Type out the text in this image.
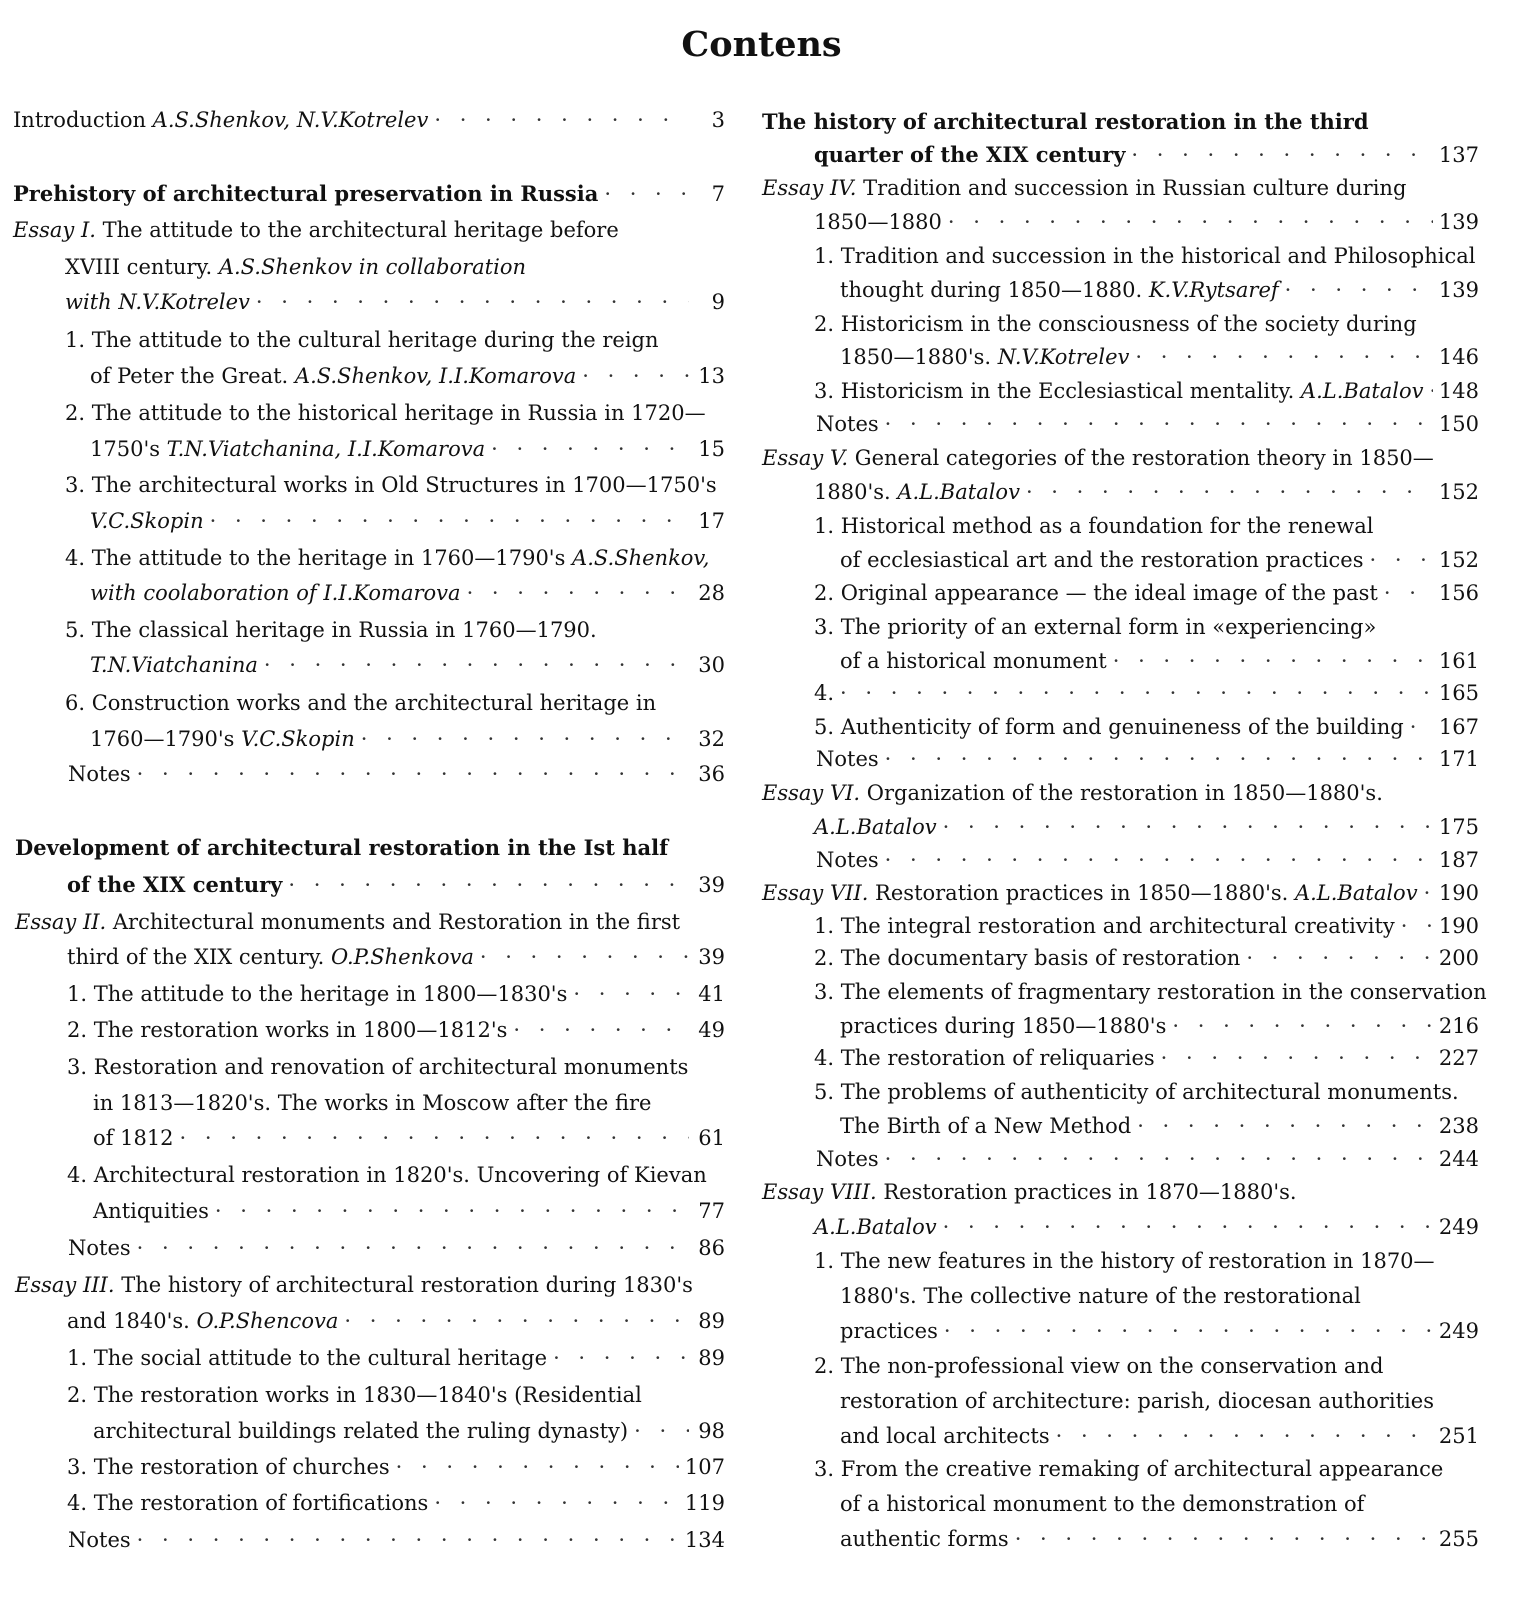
Contens
Introduction A.S.Shenkov, N.V.Kotrelev · · ·	3
Prehistory of architectural preservation in Russia · · ·	7
Essay I. The attitude to the architectural heritage before
XVIII century. A.S.Shenkov in collaboration
with N.V.Kotrelev · · ·	9
1. The attitude to the cultural heritage during the reign
of Peter the Great. A.S.Shenkov, I.I.Komarova · · ·	13
2. The attitude to the historical heritage in Russia in 1720—
1750's T.N.Viatchanina, I.I.Komarova · · ·	15
3. The architectural works in Old Structures in 1700—1750's
V.C.Skopin · · ·	17
4. The attitude to the heritage in 1760—1790's A.S.Shenkov,
with coolaboration of I.I.Komarova · · ·	28
5. The classical heritage in Russia in 1760—1790.
T.N.Viatchanina · · ·	30
6. Construction works and the architectural heritage in
1760—1790's V.C.Skopin · · ·	32
Notes · · ·	36
Development of architectural restoration in the Ist half
of the XIX century · · ·	39
Essay II. Architectural monuments and Restoration in the first
third of the XIX century. O.P.Shenkova · · ·	39
1. The attitude to the heritage in 1800—1830's · · ·	41
2. The restoration works in 1800—1812's · · ·	49
3. Restoration and renovation of architectural monuments
in 1813—1820's. The works in Moscow after the fire
of 1812 · · ·	61
4. Architectural restoration in 1820's. Uncovering of Kievan
Antiquities · · ·	77
Notes · · ·	86
Essay III. The history of architectural restoration during 1830's
and 1840's. O.P.Shencova · · ·	89
1. The social attitude to the cultural heritage · · ·	89
2. The restoration works in 1830—1840's (Residential
architectural buildings related the ruling dynasty) · · ·	98
3. The restoration of churches · · ·	107
4. The restoration of fortifications · · ·	119
Notes · · ·	134
The history of architectural restoration in the third
quarter of the XIX century · · ·	137
Essay IV. Tradition and succession in Russian culture during
1850—1880 · · ·	139
1. Tradition and succession in the historical and Philosophical
thought during 1850—1880. K.V.Rytsaref · · ·	139
2. Historicism in the consciousness of the society during
1850—1880's. N.V.Kotrelev · · ·	146
3. Historicism in the Ecclesiastical mentality. A.L.Batalov · · · 148
Notes · · ·	150
Essay V. General categories of the restoration theory in 1850—
1880's. A.L.Batalov · · ·	152
1. Historical method as a foundation for the renewal
of ecclesiastical art and the restoration practices · · ·	152
2. Original appearance — the ideal image of the past · · ·	156
3. The priority of an external form in «experiencing»
of a historical monument · · ·	161
4. · · ·	165
5. Authenticity of form and genuineness of the building · · · 167
Notes · · ·	171
Essay VI. Organization of the restoration in 1850—1880's.
A.L.Batalov · · ·	175
Notes · · ·	187
Essay VII. Restoration practices in 1850—1880's. A.L.Batalov · · · 190
1. The integral restoration and architectural creativity · · · 190
2. The documentary basis of restoration · · ·	200
3. The elements of fragmentary restoration in the conservation
practices during 1850—1880's · · ·	216
4. The restoration of reliquaries · · ·	227
5. The problems of authenticity of architectural monuments.
The Birth of a New Method · · ·	238
Notes · · ·	244
Essay VIII. Restoration practices in 1870—1880's.
A.L.Batalov · · ·	249
1. The new features in the history of restoration in 1870—
1880's. The collective nature of the restorational
practices · · ·	249
2. The non-professional view on the conservation and
restoration of architecture: parish, diocesan authorities
and local architects · · ·	251
3. From the creative remaking of architectural appearance
of a historical monument to the demonstration of
authentic forms · · ·	255
